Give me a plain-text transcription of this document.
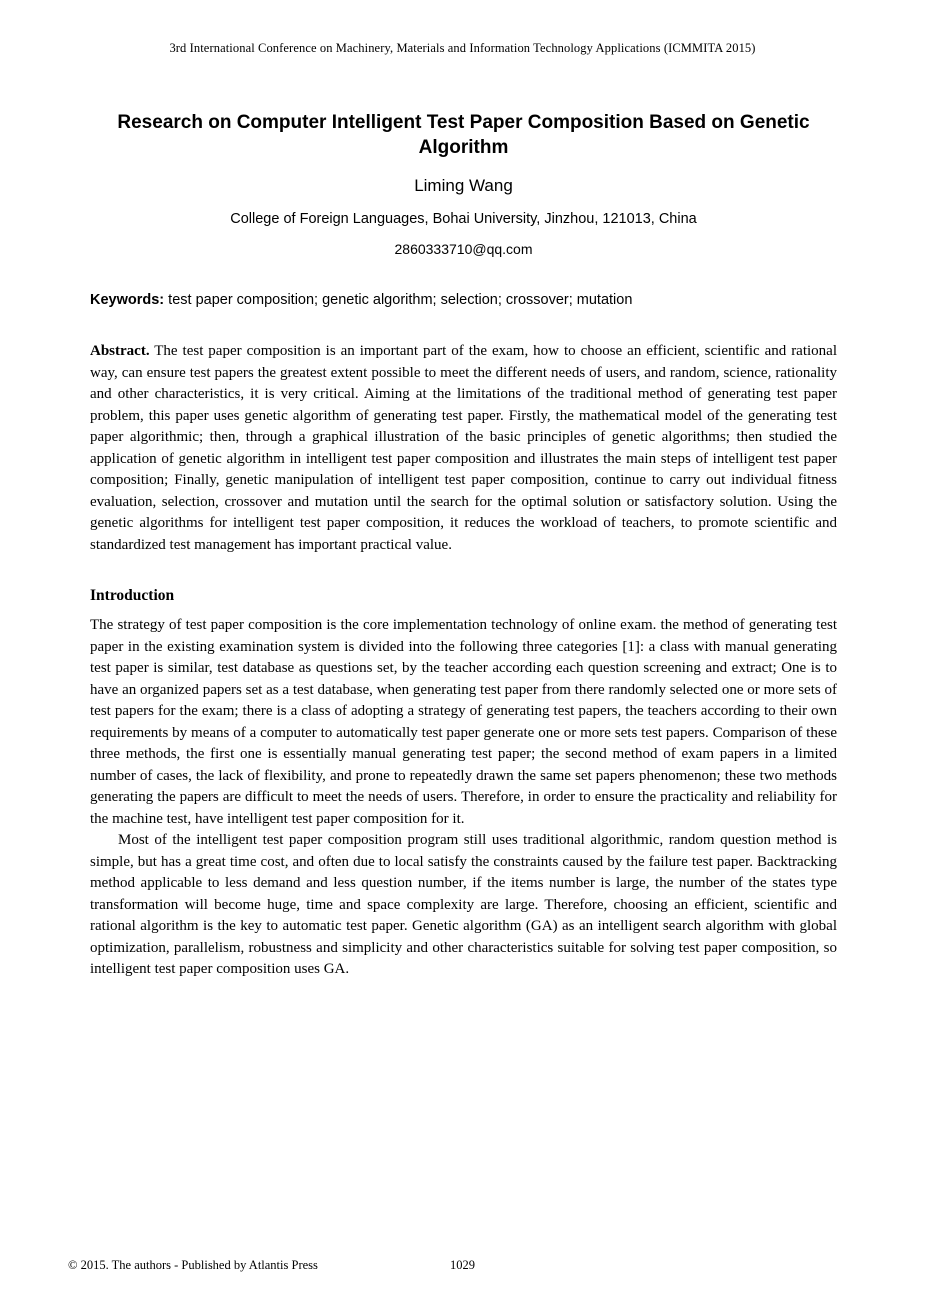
3rd International Conference on Machinery, Materials and Information Technology Applications (ICMMITA 2015)
Research on Computer Intelligent Test Paper Composition Based on Genetic Algorithm
Liming Wang
College of Foreign Languages, Bohai University, Jinzhou, 121013, China
2860333710@qq.com

Keywords: test paper composition; genetic algorithm; selection; crossover; mutation

Abstract. The test paper composition is an important part of the exam, how to choose an efficient, scientific and rational way, can ensure test papers the greatest extent possible to meet the different needs of users, and random, science, rationality and other characteristics, it is very critical. Aiming at the limitations of the traditional method of generating test paper problem, this paper uses genetic algorithm of generating test paper. Firstly, the mathematical model of the generating test paper algorithmic; then, through a graphical illustration of the basic principles of genetic algorithms; then studied the application of genetic algorithm in intelligent test paper composition and illustrates the main steps of intelligent test paper composition; Finally, genetic manipulation of intelligent test paper composition, continue to carry out individual fitness evaluation, selection, crossover and mutation until the search for the optimal solution or satisfactory solution. Using the genetic algorithms for intelligent test paper composition, it reduces the workload of teachers, to promote scientific and standardized test management has important practical value.

Introduction

The strategy of test paper composition is the core implementation technology of online exam. the method of generating test paper in the existing examination system is divided into the following three categories [1]: a class with manual generating test paper is similar, test database as questions set, by the teacher according each question screening and extract; One is to have an organized papers set as a test database, when generating test paper from there randomly selected one or more sets of test papers for the exam; there is a class of adopting a strategy of generating test papers, the teachers according to their own requirements by means of a computer to automatically test paper generate one or more sets test papers. Comparison of these three methods, the first one is essentially manual generating test paper; the second method of exam papers in a limited number of cases, the lack of flexibility, and prone to repeatedly drawn the same set papers phenomenon; these two methods generating the papers are difficult to meet the needs of users. Therefore, in order to ensure the practicality and reliability for the machine test, have intelligent test paper composition for it.

Most of the intelligent test paper composition program still uses traditional algorithmic, random question method is simple, but has a great time cost, and often due to local satisfy the constraints caused by the failure test paper. Backtracking method applicable to less demand and less question number, if the items number is large, the number of the states type transformation will become huge, time and space complexity are large. Therefore, choosing an efficient, scientific and rational algorithm is the key to automatic test paper. Genetic algorithm (GA) as an intelligent search algorithm with global optimization, parallelism, robustness and simplicity and other characteristics suitable for solving test paper composition, so intelligent test paper composition uses GA.

© 2015. The authors - Published by Atlantis Press	1029
